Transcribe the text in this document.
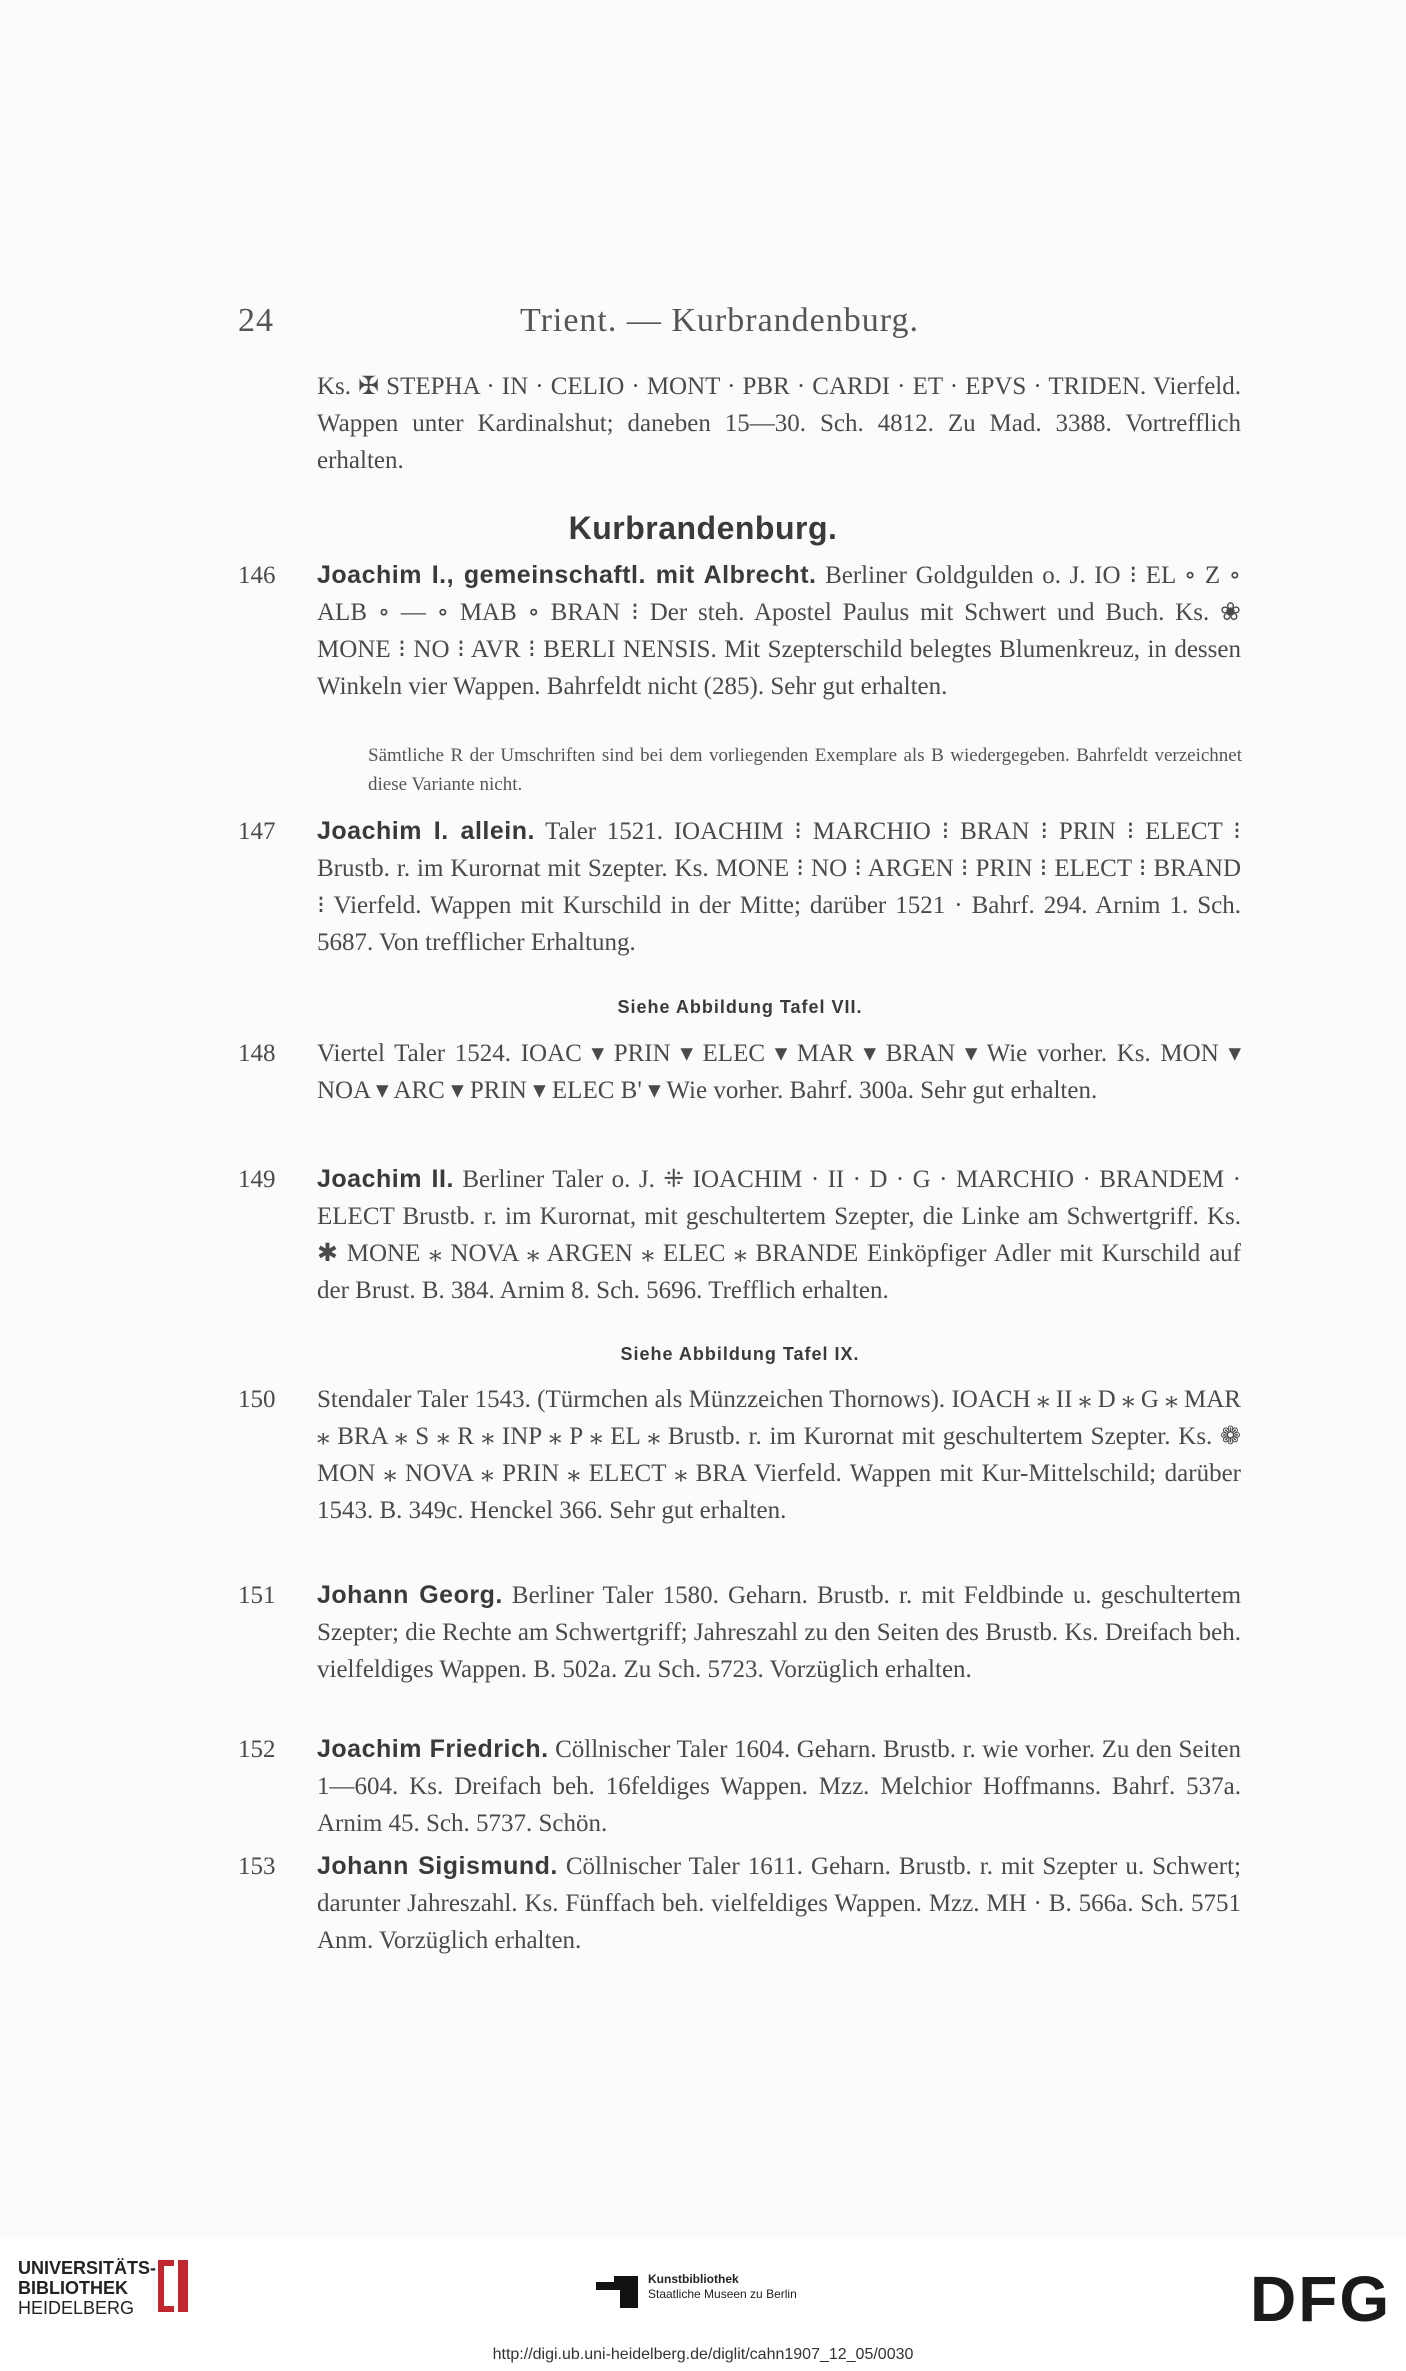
24	Trient. — Kurbrandenburg.

Ks. ✠ STEPHA · IN · CELIO · MONT · PBR · CARDI · ET · EPVS · TRIDEN. Vierfeld. Wappen unter Kardinalshut; daneben 15—30. Sch. 4812. Zu Mad. 3388. Vortrefflich erhalten.

Kurbrandenburg.
146 Joachim I., gemeinschaftl. mit Albrecht. Berliner Goldgulden o. J. IO ⁝ EL ∘ Z ∘ ALB ∘ — ∘ MAB ∘ BRAN ⁝ Der steh. Apostel Paulus mit Schwert und Buch. Ks. ❀ MONE ⁝ NO ⁝ AVR ⁝ BERLI NENSIS. Mit Szepterschild belegtes Blumenkreuz, in dessen Winkeln vier Wappen. Bahrfeldt nicht (285). Sehr gut erhalten.

Sämtliche R der Umschriften sind bei dem vorliegenden Exemplare als B wiedergegeben. Bahrfeldt verzeichnet diese Variante nicht.
147 Joachim I. allein. Taler 1521. IOACHIM ⁝ MARCHIO ⁝ BRAN ⁝ PRIN ⁝ ELECT ⁝ Brustb. r. im Kurornat mit Szepter. Ks. MONE ⁝ NO ⁝ ARGEN ⁝ PRIN ⁝ ELECT ⁝ BRAND ⁝ Vierfeld. Wappen mit Kurschild in der Mitte; darüber 1521 · Bahrf. 294. Arnim 1. Sch. 5687. Von trefflicher Erhaltung.

Siehe Abbildung Tafel VII.
148 Viertel Taler 1524. IOAC ▾ PRIN ▾ ELEC ▾ MAR ▾ BRAN ▾ Wie vorher. Ks. MON ▾ NOA ▾ ARC ▾ PRIN ▾ ELEC B' ▾ Wie vorher. Bahrf. 300a. Sehr gut erhalten.

149 Joachim II. Berliner Taler o. J. ⁜ IOACHIM · II · D · G · MARCHIO · BRANDEM · ELECT Brustb. r. im Kurornat, mit geschultertem Szepter, die Linke am Schwertgriff. Ks. ✱ MONE ⁎ NOVA ⁎ ARGEN ⁎ ELEC ⁎ BRANDE Einköpfiger Adler mit Kurschild auf der Brust. B. 384. Arnim 8. Sch. 5696. Trefflich erhalten.

Siehe Abbildung Tafel IX.
150 Stendaler Taler 1543. (Türmchen als Münzzeichen Thornows). IOACH ⁎ II ⁎ D ⁎ G ⁎ MAR ⁎ BRA ⁎ S ⁎ R ⁎ INP ⁎ P ⁎ EL ⁎ Brustb. r. im Kurornat mit geschultertem Szepter. Ks. ❁ MON ⁎ NOVA ⁎ PRIN ⁎ ELECT ⁎ BRA Vierfeld. Wappen mit Kur-Mittelschild; darüber 1543. B. 349c. Henckel 366. Sehr gut erhalten.

151 Johann Georg. Berliner Taler 1580. Geharn. Brustb. r. mit Feldbinde u. geschultertem Szepter; die Rechte am Schwertgriff; Jahreszahl zu den Seiten des Brustb. Ks. Dreifach beh. vielfeldiges Wappen. B. 502a. Zu Sch. 5723. Vorzüglich erhalten.

152 Joachim Friedrich. Cöllnischer Taler 1604. Geharn. Brustb. r. wie vorher. Zu den Seiten 1—604. Ks. Dreifach beh. 16feldiges Wappen. Mzz. Melchior Hoffmanns. Bahrf. 537a. Arnim 45. Sch. 5737. Schön.

153 Johann Sigismund. Cöllnischer Taler 1611. Geharn. Brustb. r. mit Szepter u. Schwert; darunter Jahreszahl. Ks. Fünffach beh. vielfeldiges Wappen. Mzz. MH · B. 566a. Sch. 5751 Anm. Vorzüglich erhalten.

UNIVERSITÄTS-
BIBLIOTHEK
HEIDELBERG
Kunstbibliothek
Staatliche Museen zu Berlin	DFG
http://digi.ub.uni-heidelberg.de/diglit/cahn1907_12_05/0030
